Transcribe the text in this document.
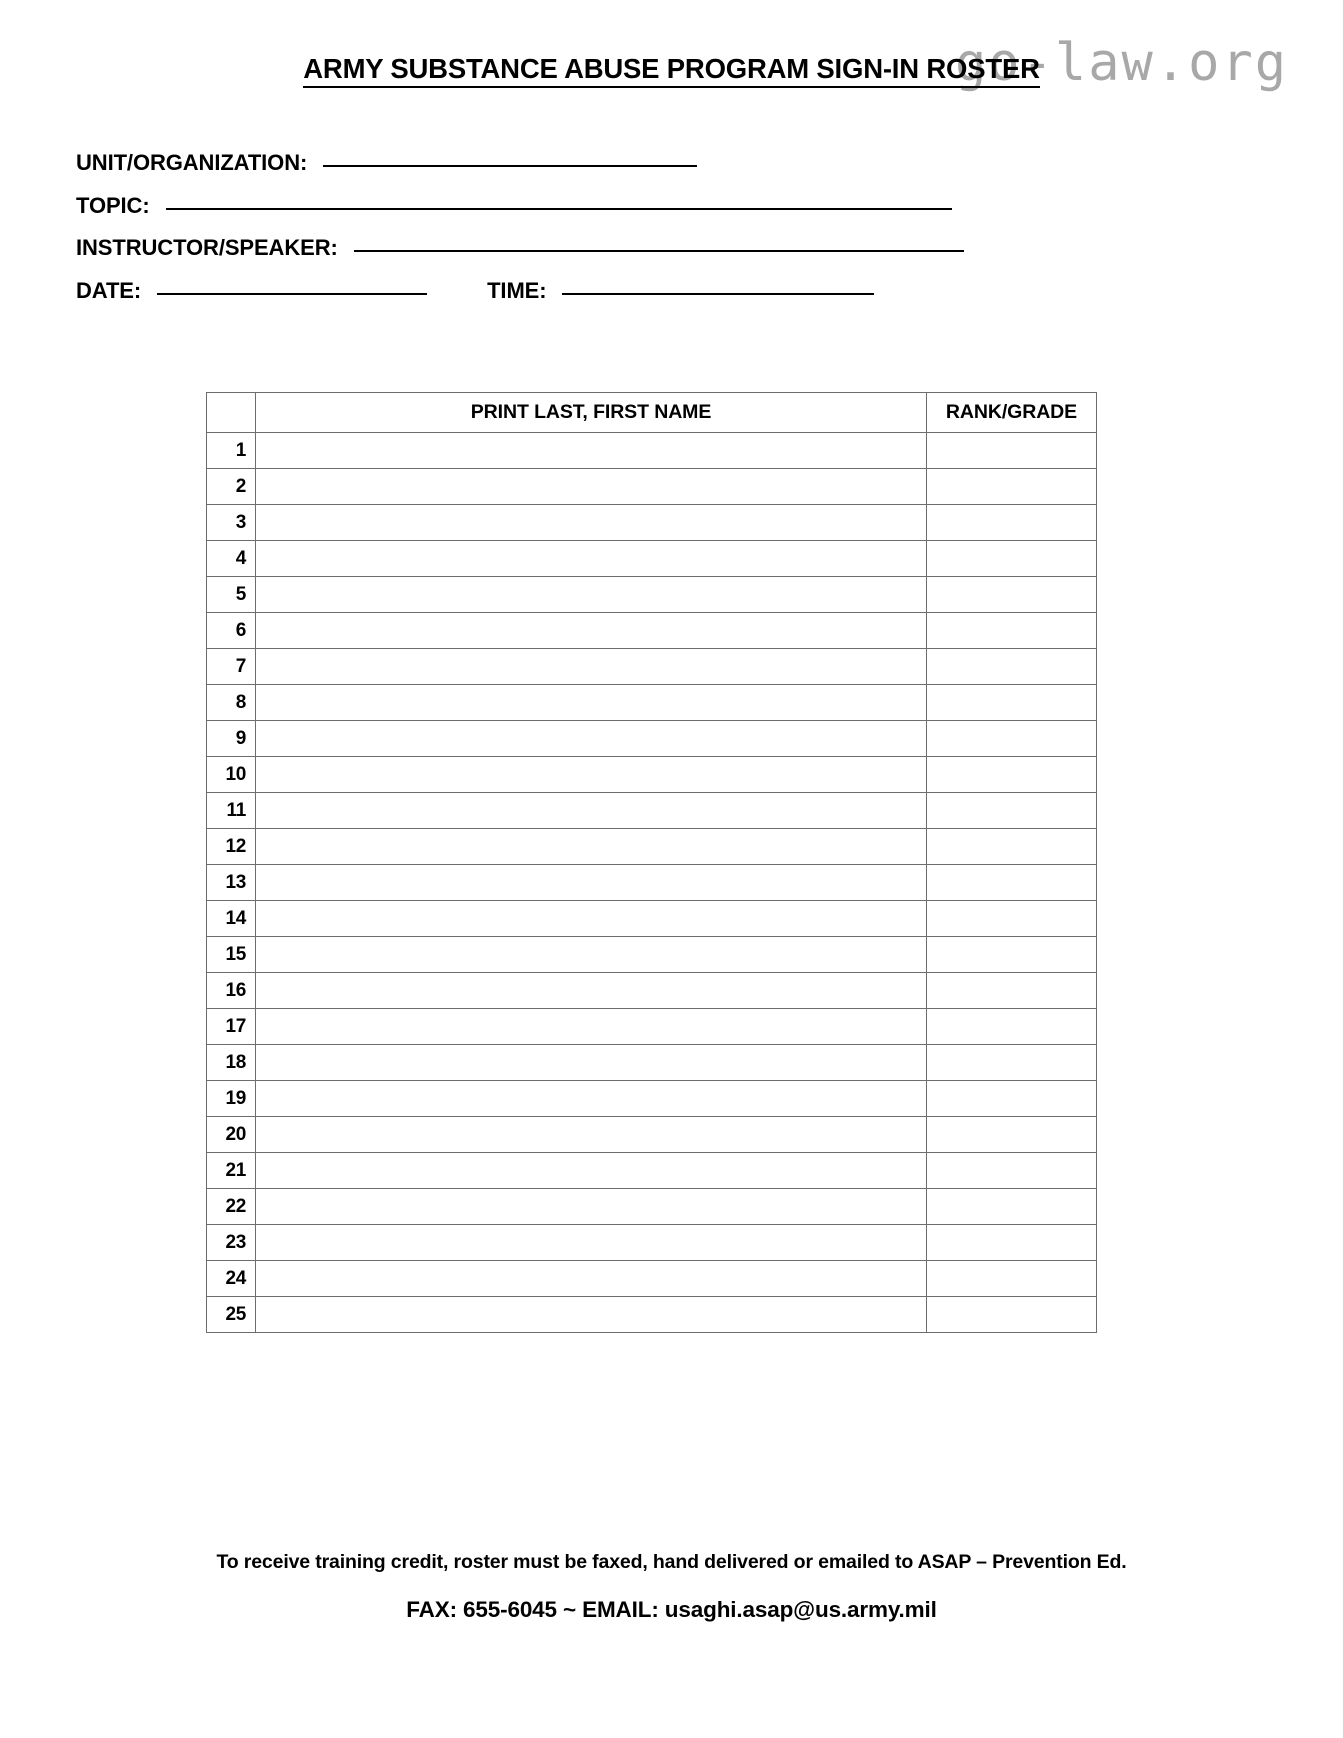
go-law.org
ARMY SUBSTANCE ABUSE PROGRAM SIGN-IN ROSTER
UNIT/ORGANIZATION:
TOPIC:
INSTRUCTOR/SPEAKER:
DATE:	TIME:
	PRINT LAST, FIRST NAME	RANK/GRADE
1		
2		
3		
4		
5		
6		
7		
8		
9		
10		
11		
12		
13		
14		
15		
16		
17		
18		
19		
20		
21		
22		
23		
24		
25		
To receive training credit, roster must be faxed, hand delivered or emailed to ASAP – Prevention Ed.
FAX: 655-6045 ~ EMAIL: usaghi.asap@us.army.mil
